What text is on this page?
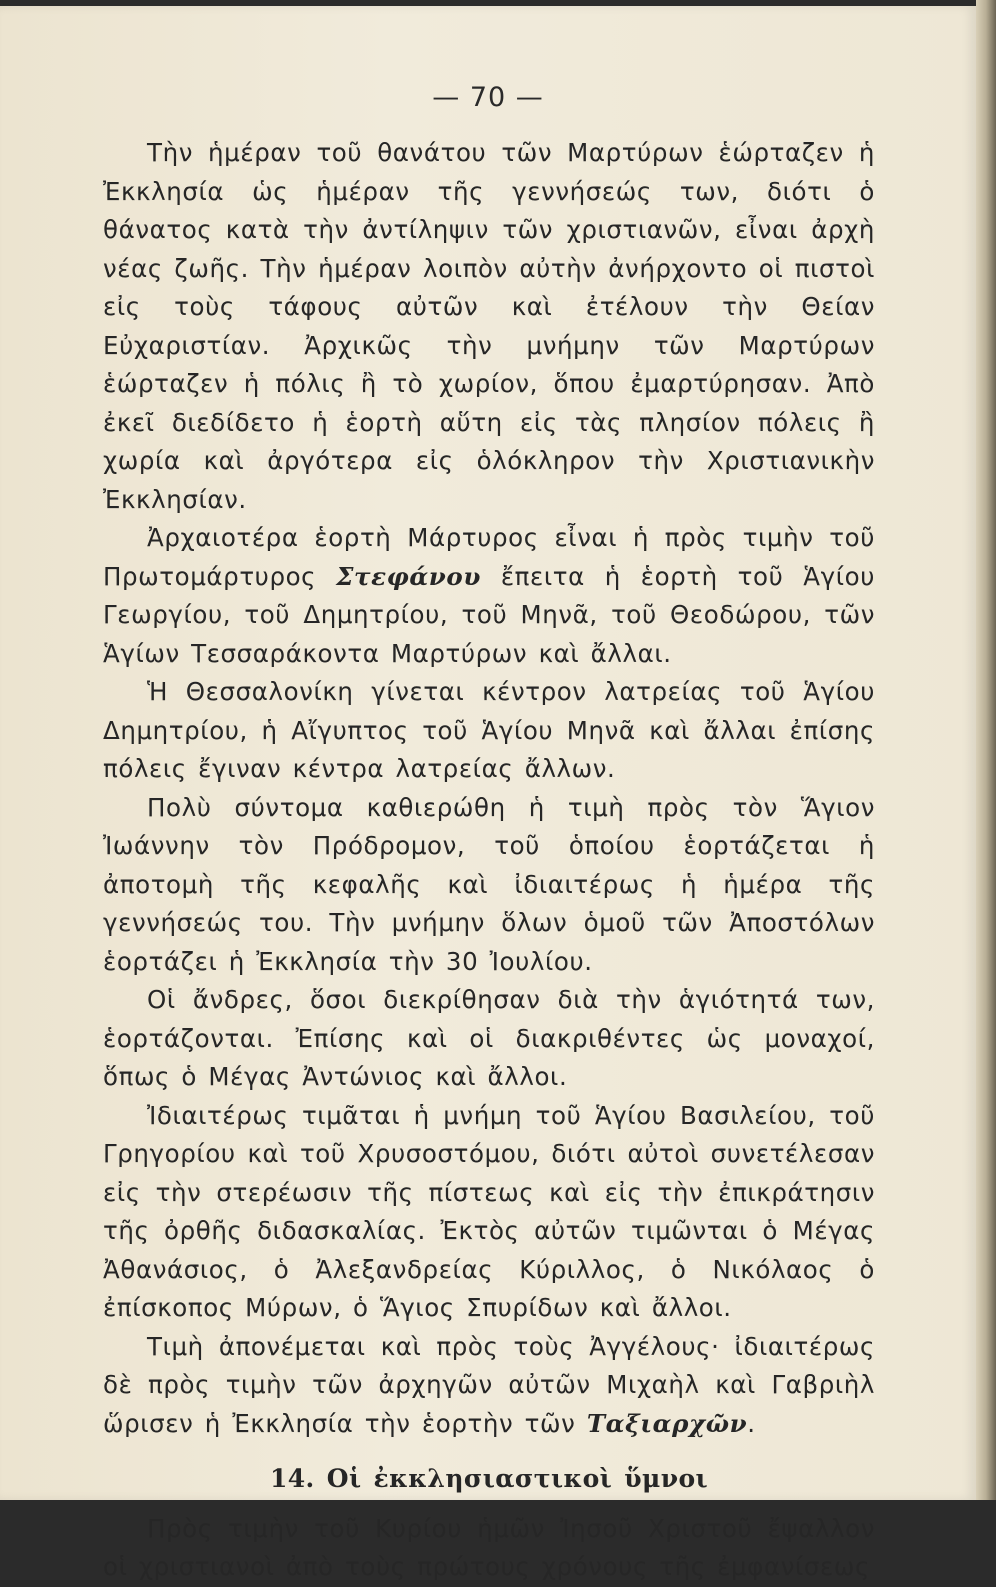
— 70 —

Τὴν ἡμέραν τοῦ θανάτου τῶν Μαρτύρων ἑώρταζεν ἡ Ἐκκλησία ὡς ἡμέραν τῆς γεννήσεώς των, διότι ὁ θάνατος κατὰ τὴν ἀντίληψιν τῶν χριστιανῶν, εἶναι ἀρχὴ νέας ζωῆς. Τὴν ἡμέραν λοιπὸν αὐτὴν ἀνήρχοντο οἱ πιστοὶ εἰς τοὺς τάφους αὐτῶν καὶ ἐτέλουν τὴν Θείαν Εὐχαριστίαν. Ἀρχικῶς τὴν μνήμην τῶν Μαρτύρων ἑώρταζεν ἡ πόλις ἢ τὸ χωρίον, ὅπου ἐμαρτύρησαν. Ἀπὸ ἐκεῖ διεδίδετο ἡ ἑορτὴ αὕτη εἰς τὰς πλησίον πόλεις ἢ χωρία καὶ ἀργότερα εἰς ὁλόκληρον τὴν Χριστιανικὴν Ἐκκλησίαν.

Ἀρχαιοτέρα ἑορτὴ Μάρτυρος εἶναι ἡ πρὸς τιμὴν τοῦ Πρωτομάρτυρος Στεφάνου ἔπειτα ἡ ἑορτὴ τοῦ Ἁγίου Γεωργίου, τοῦ Δημητρίου, τοῦ Μηνᾶ, τοῦ Θεοδώρου, τῶν Ἁγίων Τεσσαράκοντα Μαρτύρων καὶ ἄλλαι.

Ἡ Θεσσαλονίκη γίνεται κέντρον λατρείας τοῦ Ἁγίου Δημητρίου, ἡ Αἴγυπτος τοῦ Ἁγίου Μηνᾶ καὶ ἄλλαι ἐπίσης πόλεις ἔγιναν κέντρα λατρείας ἄλλων.

Πολὺ σύντομα καθιερώθη ἡ τιμὴ πρὸς τὸν Ἅγιον Ἰωάννην τὸν Πρόδρομον, τοῦ ὁποίου ἑορτάζεται ἡ ἀποτομὴ τῆς κεφαλῆς καὶ ἰδιαιτέρως ἡ ἡμέρα τῆς γεννήσεώς του. Τὴν μνήμην ὅλων ὁμοῦ τῶν Ἀποστόλων ἑορτάζει ἡ Ἐκκλησία τὴν 30 Ἰουλίου.

Οἱ ἄνδρες, ὅσοι διεκρίθησαν διὰ τὴν ἁγιότητά των, ἑορτάζονται. Ἐπίσης καὶ οἱ διακριθέντες ὡς μοναχοί, ὅπως ὁ Μέγας Ἀντώνιος καὶ ἄλλοι.

Ἰδιαιτέρως τιμᾶται ἡ μνήμη τοῦ Ἁγίου Βασιλείου, τοῦ Γρηγορίου καὶ τοῦ Χρυσοστόμου, διότι αὐτοὶ συνετέλεσαν εἰς τὴν στερέωσιν τῆς πίστεως καὶ εἰς τὴν ἐπικράτησιν τῆς ὀρθῆς διδασκαλίας. Ἐκτὸς αὐτῶν τιμῶνται ὁ Μέγας Ἀθανάσιος, ὁ Ἀλεξανδρείας Κύριλλος, ὁ Νικόλαος ὁ ἐπίσκοπος Μύρων, ὁ Ἅγιος Σπυρίδων καὶ ἄλλοι.

Τιμὴ ἀπονέμεται καὶ πρὸς τοὺς Ἀγγέλους· ἰδιαιτέρως δὲ πρὸς τιμὴν τῶν ἀρχηγῶν αὐτῶν Μιχαὴλ καὶ Γαβριὴλ ὥρισεν ἡ Ἐκκλησία τὴν ἑορτὴν τῶν Ταξιαρχῶν.

14. Οἱ ἐκκλησιαστικοὶ ὕμνοι

Πρὸς τιμὴν τοῦ Κυρίου ἡμῶν Ἰησοῦ Χριστοῦ ἔψαλλον οἱ χριστιανοὶ ἀπὸ τοὺς πρώτους χρόνους τῆς ἐμφανίσεως
